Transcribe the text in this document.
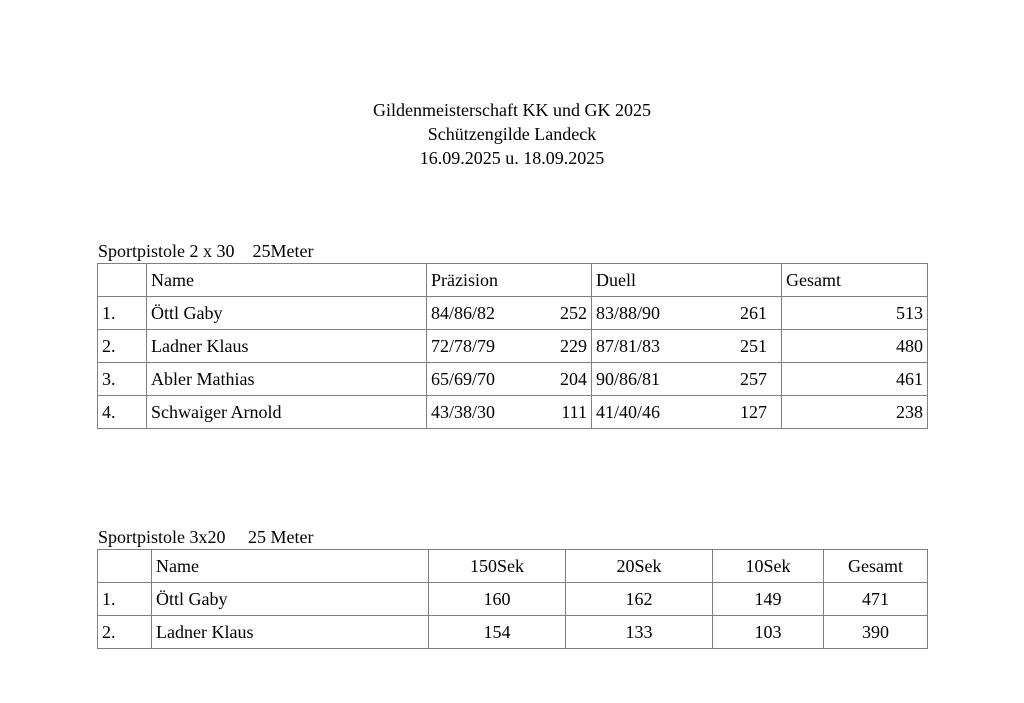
Gildenmeisterschaft KK und GK 2025
Schützengilde Landeck
16.09.2025 u. 18.09.2025
Sportpistole 2 x 30    25Meter
	Name	Präzision	Duell	Gesamt
1.	Öttl Gaby	84/86/82 252	83/88/90 261	513
2.	Ladner Klaus	72/78/79 229	87/81/83 251	480
3.	Abler Mathias	65/69/70 204	90/86/81 257	461
4.	Schwaiger Arnold	43/38/30 111	41/40/46 127	238
Sportpistole 3x20     25 Meter
	Name	150Sek	20Sek	10Sek	Gesamt
1.	Öttl Gaby	160	162	149	471
2.	Ladner Klaus	154	133	103	390
